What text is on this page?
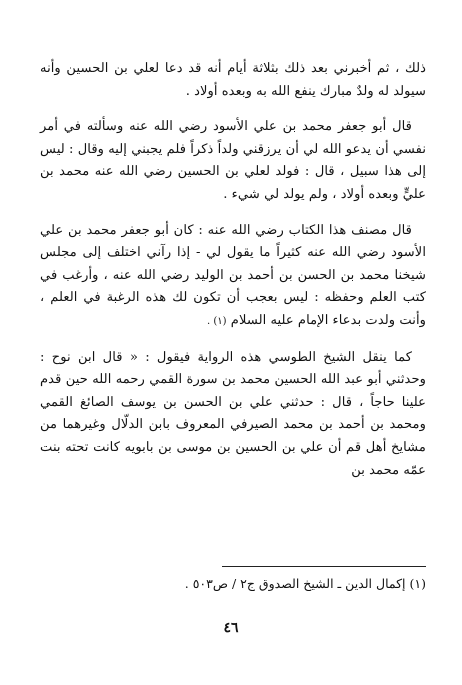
ذلك ، ثم أخبرني بعد ذلك بثلاثة أيام أنه قد دعا لعلي بن الحسين وأنه سيولد له ولدٌ مبارك ينفع الله به وبعده أولاد .

قال أبو جعفر محمد بن علي الأسود رضي الله عنه وسألته في أمر نفسي أن يدعو الله لي أن يرزقني ولداً ذكراً فلم يجبني إليه وقال : ليس إلى هذا سبيل ، قال : فولد لعلي بن الحسين رضي الله عنه محمد بن عليٍّ وبعده أولاد ، ولم يولد لي شيء .

قال مصنف هذا الكتاب رضي الله عنه : كان أبو جعفر محمد بن علي الأسود رضي الله عنه كثيراً ما يقول لي - إذا رآني اختلف إلى مجلس شيخنا محمد بن الحسن بن أحمد بن الوليد رضي الله عنه ، وأرغب في كتب العلم وحفظه : ليس بعجب أن تكون لك هذه الرغبة في العلم ، وأنت ولدت بدعاء الإمام عليه السلام (١) .

كما ينقل الشيخ الطوسي هذه الرواية فيقول : « قال ابن نوح : وحدثني أبو عبد الله الحسين محمد بن سورة القمي رحمه الله حين قدم علينا حاجاً ، قال : حدثني علي بن الحسن بن يوسف الصائغ القمي ومحمد بن أحمد بن محمد الصيرفي المعروف بابن الدلّال وغيرهما من مشايخ أهل قم أن علي بن الحسين بن موسى بن بابويه كانت تحته بنت عمّه محمد بن

(١) إكمال الدين ـ الشيخ الصدوق ج٢ / ص٥٠٣ .
٤٦
